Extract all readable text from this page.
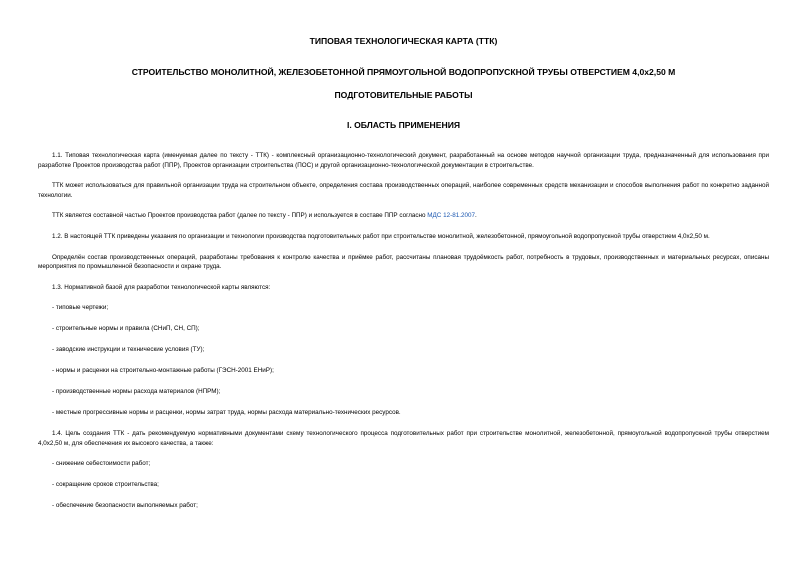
ТИПОВАЯ ТЕХНОЛОГИЧЕСКАЯ КАРТА (ТТК)

СТРОИТЕЛЬСТВО МОНОЛИТНОЙ, ЖЕЛЕЗОБЕТОННОЙ ПРЯМОУГОЛЬНОЙ ВОДОПРОПУСКНОЙ ТРУБЫ ОТВЕРСТИЕМ 4,0х2,50 М

ПОДГОТОВИТЕЛЬНЫЕ РАБОТЫ

I. ОБЛАСТЬ ПРИМЕНЕНИЯ

1.1. Типовая технологическая карта (именуемая далее по тексту - ТТК) - комплексный организационно-технологический документ, разработанный на основе методов научной организации труда, предназначенный для использования при разработке Проектов производства работ (ППР), Проектов организации строительства (ПОС) и другой организационно-технологической документации в строительстве.

ТТК может использоваться для правильной организации труда на строительном объекте, определения состава производственных операций, наиболее современных средств механизации и способов выполнения работ по конкретно заданной технологии.

ТТК является составной частью Проектов производства работ (далее по тексту - ППР) и используется в составе ППР согласно МДС 12-81.2007.

1.2. В настоящей ТТК приведены указания по организации и технологии производства подготовительных работ при строительстве монолитной, железобетонной, прямоугольной водопропускной трубы отверстием 4,0х2,50 м.

Определён состав производственных операций, разработаны требования к контролю качества и приёмке работ, рассчитаны плановая трудоёмкость работ, потребность в трудовых, производственных и материальных ресурсах, описаны мероприятия по промышленной безопасности и охране труда.

1.3. Нормативной базой для разработки технологической карты являются:

- типовые чертежи;

- строительные нормы и правила (СНиП, СН, СП);

- заводские инструкции и технические условия (ТУ);

- нормы и расценки на строительно-монтажные работы (ГЭСН-2001 ЕНиР);

- производственные нормы расхода материалов (НПРМ);

- местные прогрессивные нормы и расценки, нормы затрат труда, нормы расхода материально-технических ресурсов.

1.4. Цель создания ТТК - дать рекомендуемую нормативными документами схему технологического процесса подготовительных работ при строительстве монолитной, железобетонной, прямоугольной водопропускной трубы отверстием 4,0х2,50 м, для обеспечения их высокого качества, а также:

- снижение себестоимости работ;

- сокращение сроков строительства;

- обеспечение безопасности выполняемых работ;
